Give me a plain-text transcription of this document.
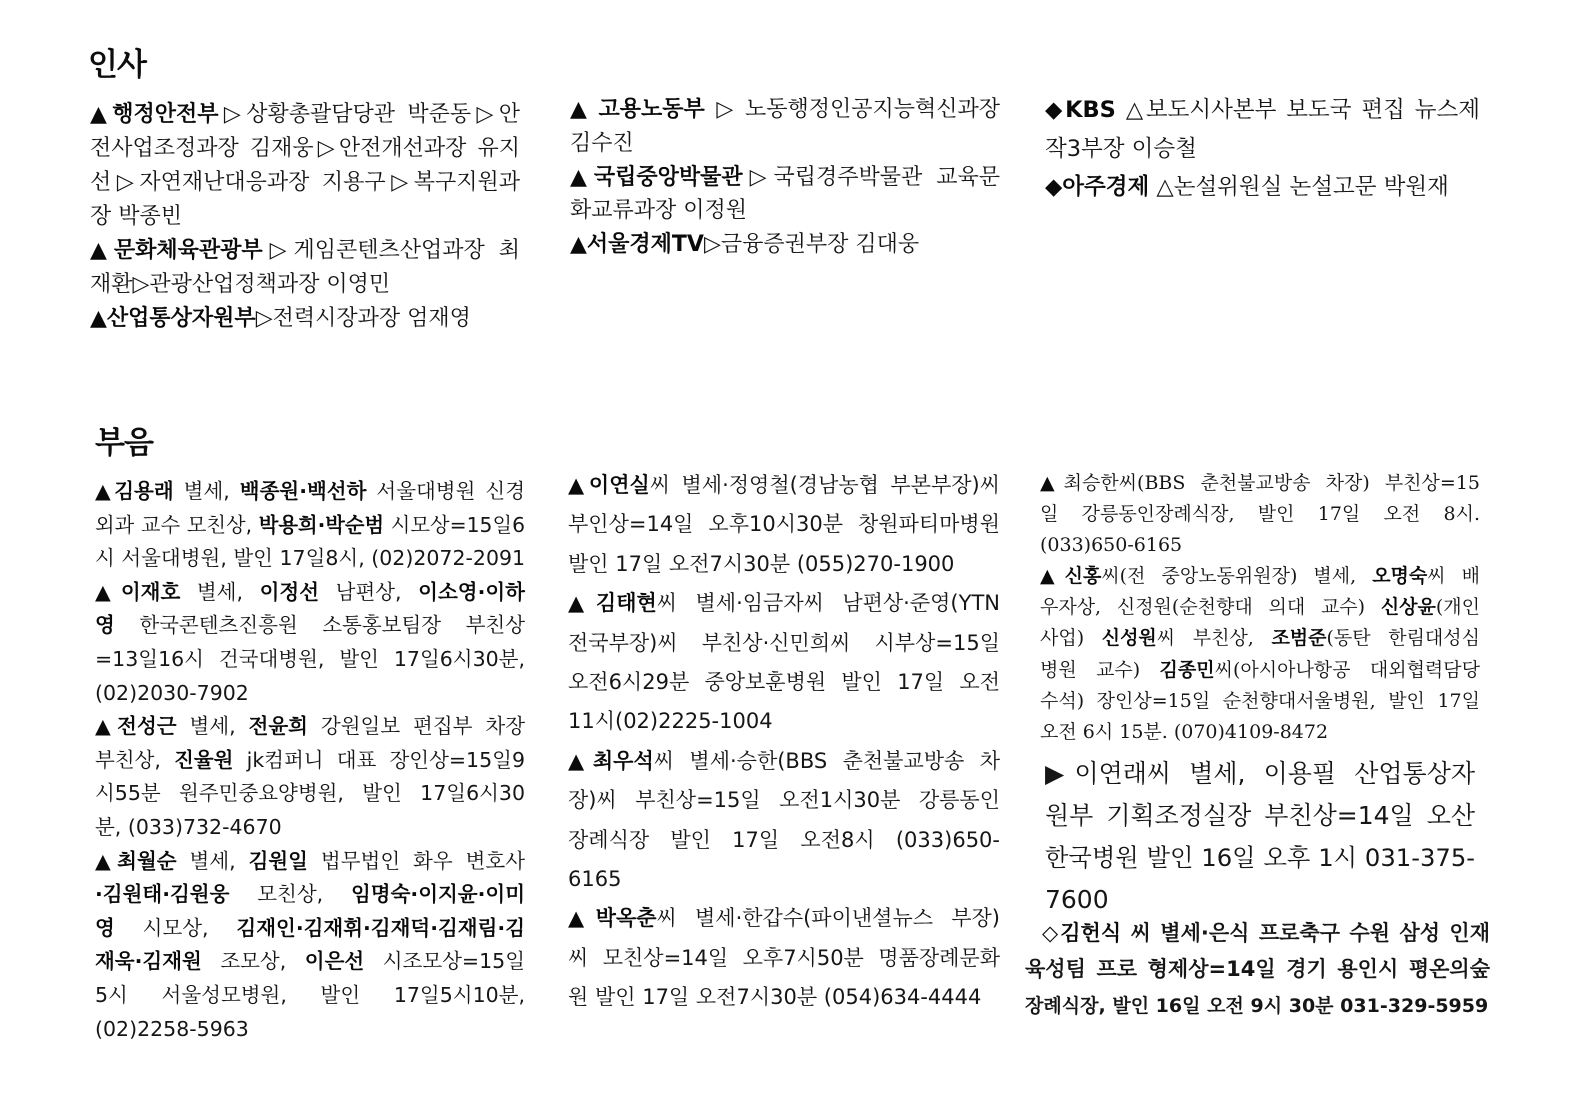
인사
▲행정안전부▷상황총괄담당관 박준동▷안
전사업조정과장 김재웅▷안전개선과장 유지
선▷자연재난대응과장 지용구▷복구지원과
장 박종빈
▲문화체육관광부▷게임콘텐츠산업과장 최
재환▷관광산업정책과장 이영민
▲산업통상자원부▷전력시장과장 엄재영
▲고용노동부▷노동행정인공지능혁신과장
김수진
▲국립중앙박물관▷국립경주박물관 교육문
화교류과장 이정원
▲서울경제TV▷금융증권부장 김대웅
◆KBS △보도시사본부 보도국 편집 뉴스제
작3부장 이승철
◆아주경제 △논설위원실 논설고문 박원재
부음
▲김용래 별세, 백종원·백선하 서울대병원 신경
외과 교수 모친상, 박용희·박순범 시모상=15일6
시 서울대병원, 발인 17일8시, (02)2072-2091
▲이재호 별세, 이정선 남편상, 이소영·이하
영 한국콘텐츠진흥원 소통홍보팀장 부친상
=13일16시 건국대병원, 발인 17일6시30분,
(02)2030-7902
▲전성근 별세, 전윤희 강원일보 편집부 차장
부친상, 진율원 jk컴퍼니 대표 장인상=15일9
시55분 원주민중요양병원, 발인 17일6시30
분, (033)732-4670
▲최월순 별세, 김원일 법무법인 화우 변호사
·김원태·김원웅 모친상, 임명숙·이지윤·이미
영 시모상, 김재인·김재휘·김재덕·김재림·김
재욱·김재원 조모상, 이은선 시조모상=15일
5시 서울성모병원, 발인 17일5시10분,
(02)2258-5963
▲이연실씨 별세·정영철(경남농협 부본부장)씨
부인상=14일 오후10시30분 창원파티마병원
발인 17일 오전7시30분 (055)270-1900
▲김태현씨 별세·임금자씨 남편상·준영(YTN
전국부장)씨 부친상·신민희씨 시부상=15일
오전6시29분 중앙보훈병원 발인 17일 오전
11시(02)2225-1004
▲최우석씨 별세·승한(BBS 춘천불교방송 차
장)씨 부친상=15일 오전1시30분 강릉동인
장례식장 발인 17일 오전8시 (033)650-
6165
▲박옥춘씨 별세·한갑수(파이낸셜뉴스 부장)
씨 모친상=14일 오후7시50분 명품장례문화
원 발인 17일 오전7시30분 (054)634-4444
▲최승한씨(BBS 춘천불교방송 차장) 부친상=15
일 강릉동인장례식장, 발인 17일 오전 8시.
(033)650-6165
▲신홍씨(전 중앙노동위원장) 별세, 오명숙씨 배
우자상, 신정원(순천향대 의대 교수) 신상윤(개인
사업) 신성원씨 부친상, 조범준(동탄 한림대성심
병원 교수) 김종민씨(아시아나항공 대외협력담당
수석) 장인상=15일 순천향대서울병원, 발인 17일
오전 6시 15분. (070)4109-8472
▶이연래씨 별세, 이용필 산업통상자
원부 기획조정실장 부친상=14일 오산
한국병원 발인 16일 오후 1시 031-375-
7600
◇김헌식 씨 별세·은식 프로축구 수원 삼성 인재
육성팀 프로 형제상=14일 경기 용인시 평온의숲
장례식장, 발인 16일 오전 9시 30분 031-329-5959
